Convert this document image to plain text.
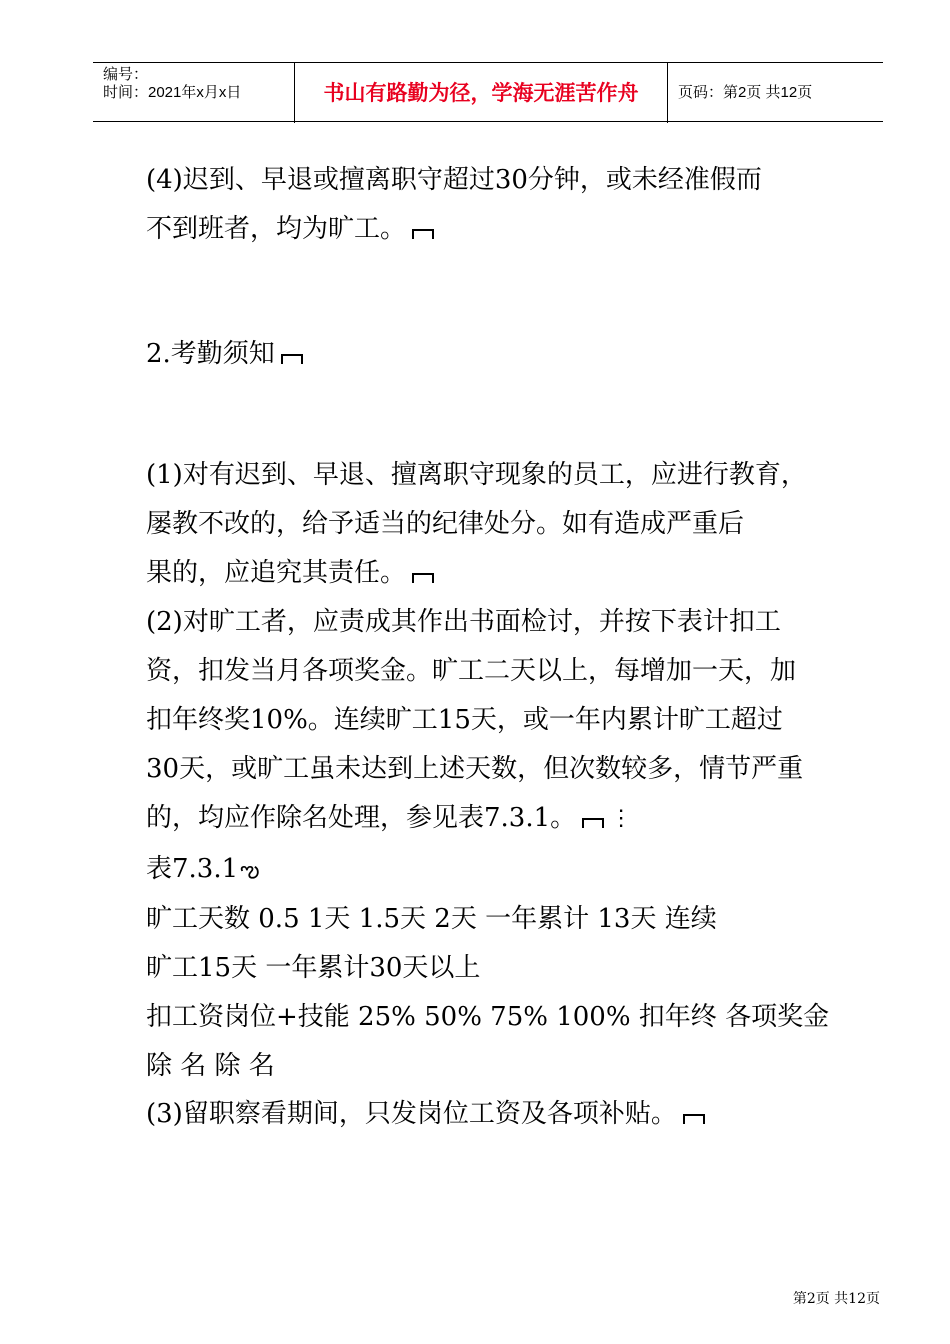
编号：
时间：2021年x月x日	书山有路勤为径，学海无涯苦作舟	页码：第2页 共12页
(4)迟到、早退或擅离职守超过30分钟，或未经准假而
不到班者，均为旷工。
2.考勤须知
(1)对有迟到、早退、擅离职守现象的员工，应进行教育，
屡教不改的，给予适当的纪律处分。如有造成严重后
果的，应追究其责任。
(2)对旷工者，应责成其作出书面检讨，并按下表计扣工
资，扣发当月各项奖金。旷工二天以上，每增加一天，加
扣年终奖10%。连续旷工15天，或一年内累计旷工超过
30天，或旷工虽未达到上述天数，但次数较多，情节严重
的，均应作除名处理，参见表7.3.1。 ⋮
表7.3.1ఌ
旷工天数 0.5 1天 1.5天 2天 一年累计 13天 连续
旷工15天 一年累计30天以上
扣工资岗位+技能 25% 50% 75% 100% 扣年终 各项奖金
除 名 除 名
(3)留职察看期间，只发岗位工资及各项补贴。
第2页 共12页
